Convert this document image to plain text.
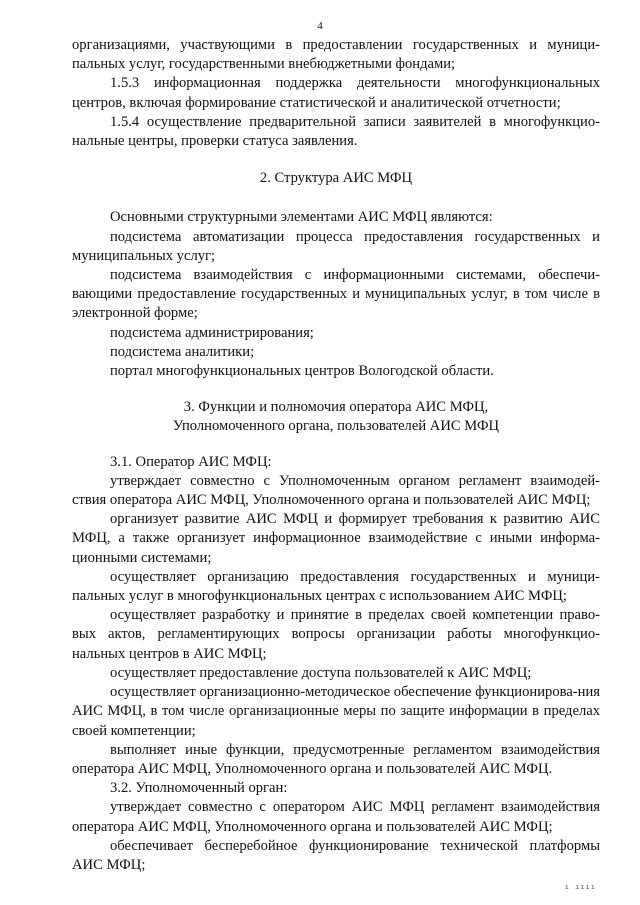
4

организациями, участвующими в предоставлении государственных и муници-пальных услуг, государственными внебюджетными фондами;

1.5.3 информационная поддержка деятельности многофункциональных центров, включая формирование статистической и аналитической отчетности;

1.5.4 осуществление предварительной записи заявителей в многофункцио-нальные центры, проверки статуса заявления.

2. Структура АИС МФЦ

Основными структурными элементами АИС МФЦ являются:

подсистема автоматизации процесса предоставления государственных и муниципальных услуг;

подсистема взаимодействия с информационными системами, обеспечи-вающими предоставление государственных и муниципальных услуг, в том числе в электронной форме;

подсистема администрирования;

подсистема аналитики;

портал многофункциональных центров Вологодской области.

3. Функции и полномочия оператора АИС МФЦ,

Уполномоченного органа, пользователей АИС МФЦ

3.1. Оператор АИС МФЦ:

утверждает совместно с Уполномоченным органом регламент взаимодей-ствия оператора АИС МФЦ, Уполномоченного органа и пользователей АИС МФЦ;

организует развитие АИС МФЦ и формирует требования к развитию АИС МФЦ, а также организует информационное взаимодействие с иными информа-ционными системами;

осуществляет организацию предоставления государственных и муници-пальных услуг в многофункциональных центрах с использованием АИС МФЦ;

осуществляет разработку и принятие в пределах своей компетенции право-вых актов, регламентирующих вопросы организации работы многофункцио-нальных центров в АИС МФЦ;

осуществляет предоставление доступа пользователей к АИС МФЦ;

осуществляет организационно-методическое обеспечение функционирова-ния АИС МФЦ, в том числе организационные меры по защите информации в пределах своей компетенции;

выполняет иные функции, предусмотренные регламентом взаимодействия оператора АИС МФЦ, Уполномоченного органа и пользователей АИС МФЦ.

3.2. Уполномоченный орган:

утверждает совместно с оператором АИС МФЦ регламент взаимодействия оператора АИС МФЦ, Уполномоченного органа и пользователей АИС МФЦ;

обеспечивает бесперебойное функционирование технической платформы АИС МФЦ;

ı ıııı
